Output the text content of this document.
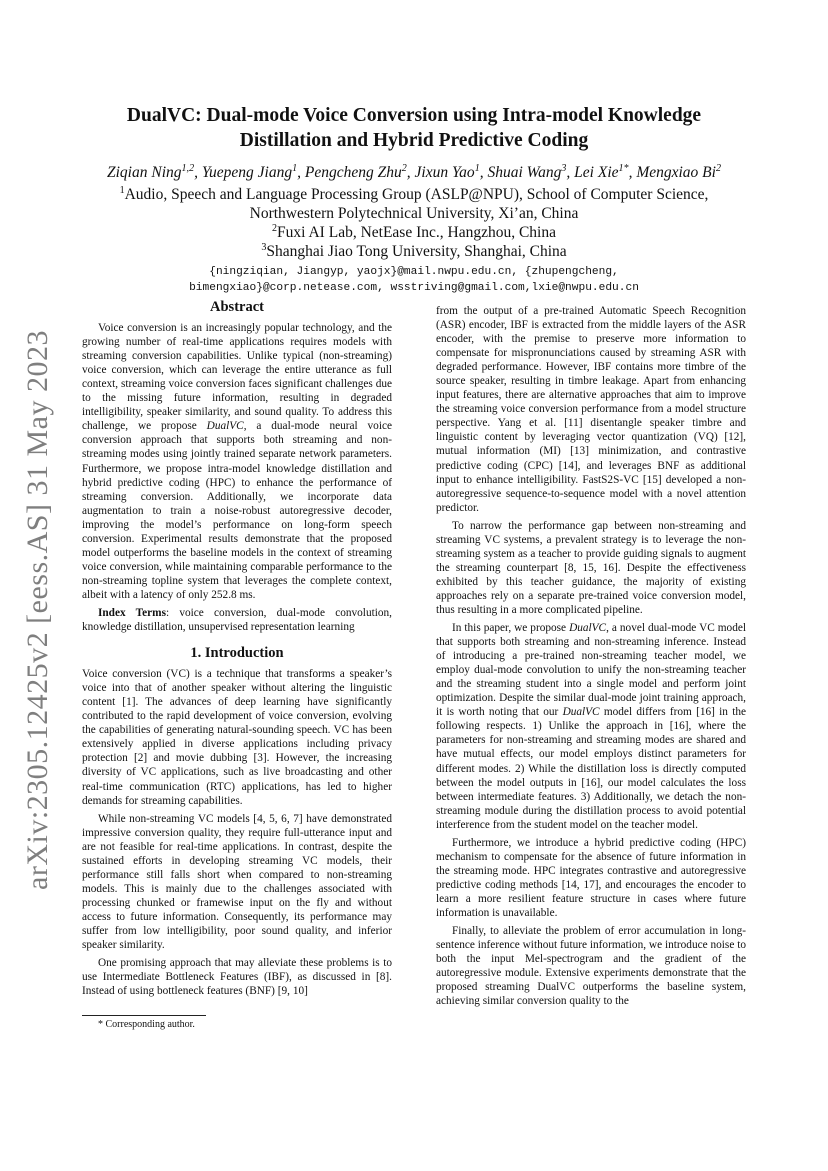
arXiv:2305.12425v2 [eess.AS] 31 May 2023
DualVC: Dual-mode Voice Conversion using Intra-model Knowledge
Distillation and Hybrid Predictive Coding
Ziqian Ning$^{1,2}$, Yuepeng Jiang$^1$, Pengcheng Zhu$^2$, Jixun Yao$^1$, Shuai Wang$^3$, Lei Xie$^{1*}$, Mengxiao Bi$^2$
$^1$Audio, Speech and Language Processing Group (ASLP@NPU), School of Computer Science,
Northwestern Polytechnical University, Xi’an, China
$^2$Fuxi AI Lab, NetEase Inc., Hangzhou, China
$^3$Shanghai Jiao Tong University, Shanghai, China
{ningziqian, Jiangyp, yaojx}@mail.nwpu.edu.cn, {zhupengcheng,
bimengxiao}@corp.netease.com, wsstriving@gmail.com,lxie@nwpu.edu.cn
Abstract

Voice conversion is an increasingly popular technology, and the growing number of real-time applications requires models with streaming conversion capabilities. Unlike typical (non-streaming) voice conversion, which can leverage the entire utterance as full context, streaming voice conversion faces significant challenges due to the missing future information, resulting in degraded intelligibility, speaker similarity, and sound quality. To address this challenge, we propose DualVC, a dual-mode neural voice conversion approach that supports both streaming and non-streaming modes using jointly trained separate network parameters. Furthermore, we propose intra-model knowledge distillation and hybrid predictive coding (HPC) to enhance the performance of streaming conversion. Additionally, we incorporate data augmentation to train a noise-robust autoregressive decoder, improving the model’s performance on long-form speech conversion. Experimental results demonstrate that the proposed model outperforms the baseline models in the context of streaming voice conversion, while maintaining comparable performance to the non-streaming topline system that leverages the complete context, albeit with a latency of only 252.8 ms.

Index Terms: voice conversion, dual-mode convolution, knowledge distillation, unsupervised representation learning

1. Introduction

Voice conversion (VC) is a technique that transforms a speaker’s voice into that of another speaker without altering the linguistic content [1]. The advances of deep learning have significantly contributed to the rapid development of voice conversion, evolving the capabilities of generating natural-sounding speech. VC has been extensively applied in diverse applications including privacy protection [2] and movie dubbing [3]. However, the increasing diversity of VC applications, such as live broadcasting and other real-time communication (RTC) applications, has led to higher demands for streaming capabilities.

While non-streaming VC models [4, 5, 6, 7] have demonstrated impressive conversion quality, they require full-utterance input and are not feasible for real-time applications. In contrast, despite the sustained efforts in developing streaming VC models, their performance still falls short when compared to non-streaming models. This is mainly due to the challenges associated with processing chunked or framewise input on the fly and without access to future information. Consequently, its performance may suffer from low intelligibility, poor sound quality, and inferior speaker similarity.

One promising approach that may alleviate these problems is to use Intermediate Bottleneck Features (IBF), as discussed in [8]. Instead of using bottleneck features (BNF) [9, 10]

from the output of a pre-trained Automatic Speech Recognition (ASR) encoder, IBF is extracted from the middle layers of the ASR encoder, with the premise to preserve more information to compensate for mispronunciations caused by streaming ASR with degraded performance. However, IBF contains more timbre of the source speaker, resulting in timbre leakage. Apart from enhancing input features, there are alternative approaches that aim to improve the streaming voice conversion performance from a model structure perspective. Yang et al. [11] disentangle speaker timbre and linguistic content by leveraging vector quantization (VQ) [12], mutual information (MI) [13] minimization, and contrastive predictive coding (CPC) [14], and leverages BNF as additional input to enhance intelligibility. FastS2S-VC [15] developed a non-autoregressive sequence-to-sequence model with a novel attention predictor.

To narrow the performance gap between non-streaming and streaming VC systems, a prevalent strategy is to leverage the non-streaming system as a teacher to provide guiding signals to augment the streaming counterpart [8, 15, 16]. Despite the effectiveness exhibited by this teacher guidance, the majority of existing approaches rely on a separate pre-trained voice conversion model, thus resulting in a more complicated pipeline.

In this paper, we propose DualVC, a novel dual-mode VC model that supports both streaming and non-streaming inference. Instead of introducing a pre-trained non-streaming teacher model, we employ dual-mode convolution to unify the non-streaming teacher and the streaming student into a single model and perform joint optimization. Despite the similar dual-mode joint training approach, it is worth noting that our DualVC model differs from [16] in the following respects. 1) Unlike the approach in [16], where the parameters for non-streaming and streaming modes are shared and have mutual effects, our model employs distinct parameters for different modes. 2) While the distillation loss is directly computed between the model outputs in [16], our model calculates the loss between intermediate features. 3) Additionally, we detach the non-streaming module during the distillation process to avoid potential interference from the student model on the teacher model.

Furthermore, we introduce a hybrid predictive coding (HPC) mechanism to compensate for the absence of future information in the streaming mode. HPC integrates contrastive and autoregressive predictive coding methods [14, 17], and encourages the encoder to learn a more resilient feature structure in cases where future information is unavailable.

Finally, to alleviate the problem of error accumulation in long-sentence inference without future information, we introduce noise to both the input Mel-spectrogram and the gradient of the autoregressive module. Extensive experiments demonstrate that the proposed streaming DualVC outperforms the baseline system, achieving similar conversion quality to the

* Corresponding author.
